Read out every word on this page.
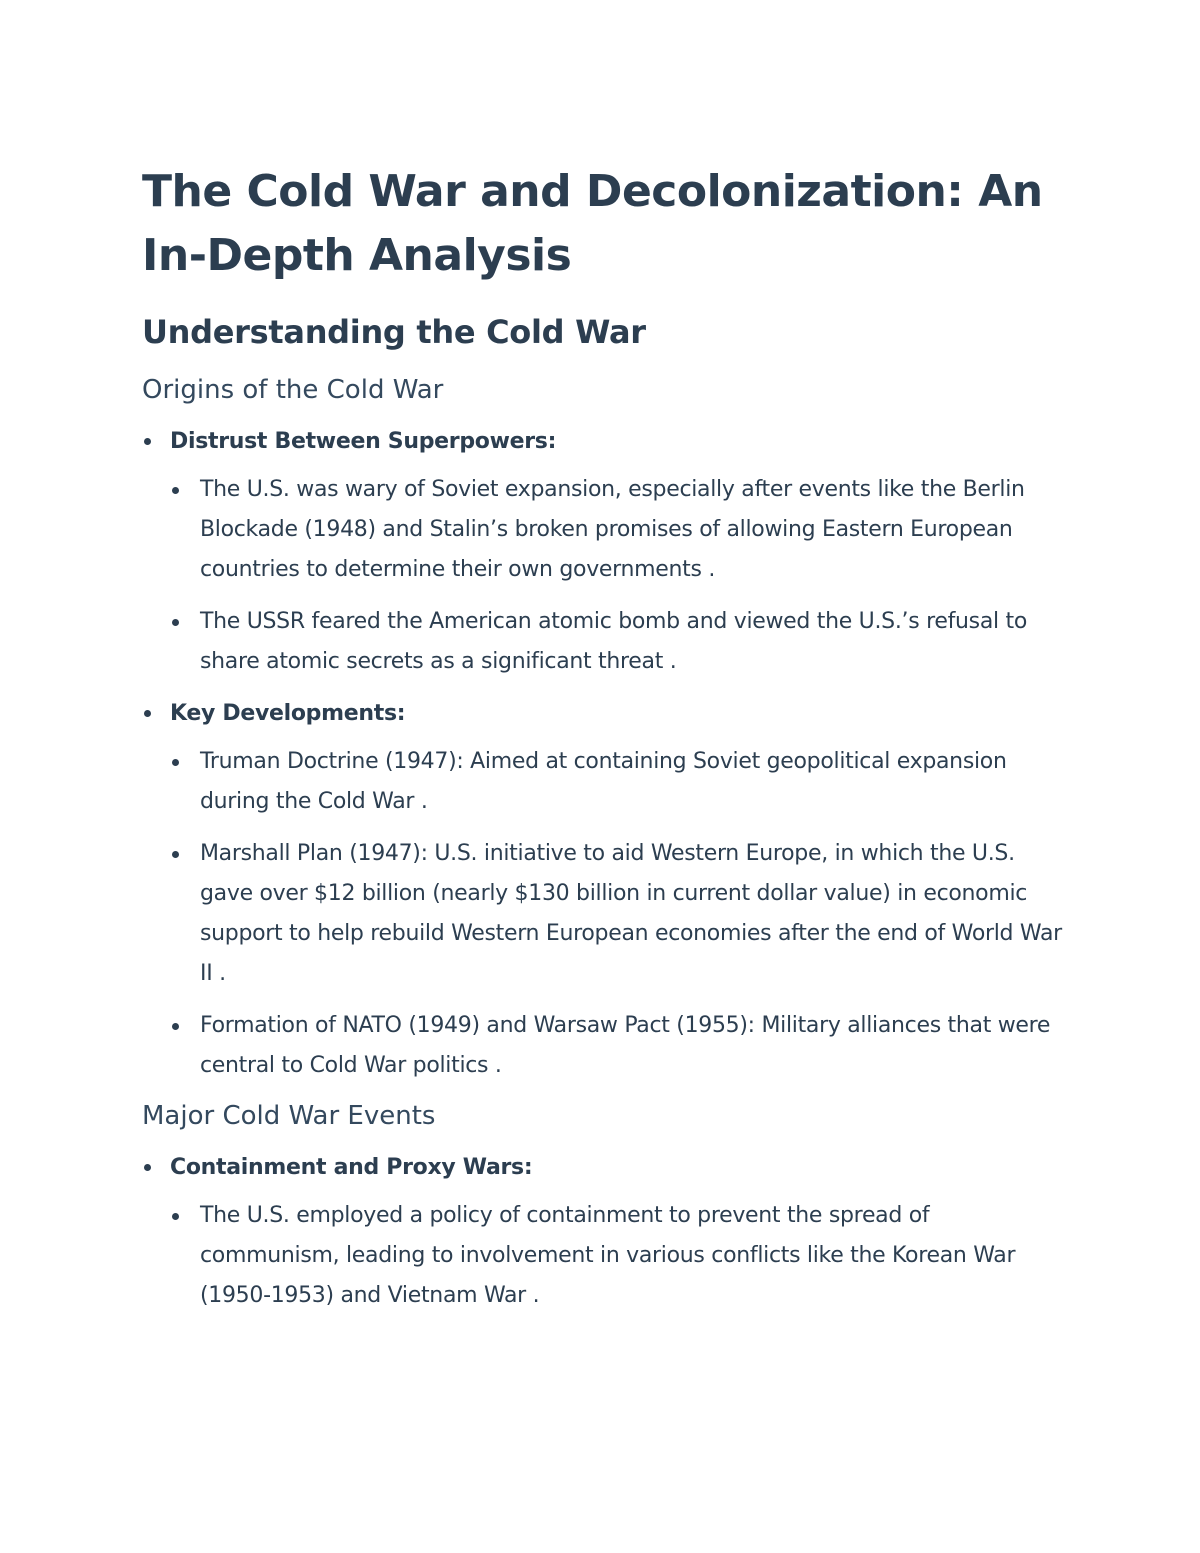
The Cold War and Decolonization: An In-Depth Analysis
Understanding the Cold War
Origins of the Cold War
Distrust Between Superpowers:
The U.S. was wary of Soviet expansion, especially after events like the Berlin Blockade (1948) and Stalin’s broken promises of allowing Eastern European countries to determine their own governments .
The USSR feared the American atomic bomb and viewed the U.S.’s refusal to share atomic secrets as a significant threat .
Key Developments:
Truman Doctrine (1947): Aimed at containing Soviet geopolitical expansion during the Cold War .
Marshall Plan (1947): U.S. initiative to aid Western Europe, in which the U.S. gave over $12 billion (nearly $130 billion in current dollar value) in economic support to help rebuild Western European economies after the end of World War II .
Formation of NATO (1949) and Warsaw Pact (1955): Military alliances that were central to Cold War politics .
Major Cold War Events
Containment and Proxy Wars:
The U.S. employed a policy of containment to prevent the spread of communism, leading to involvement in various conflicts like the Korean War (1950-1953) and Vietnam War .
